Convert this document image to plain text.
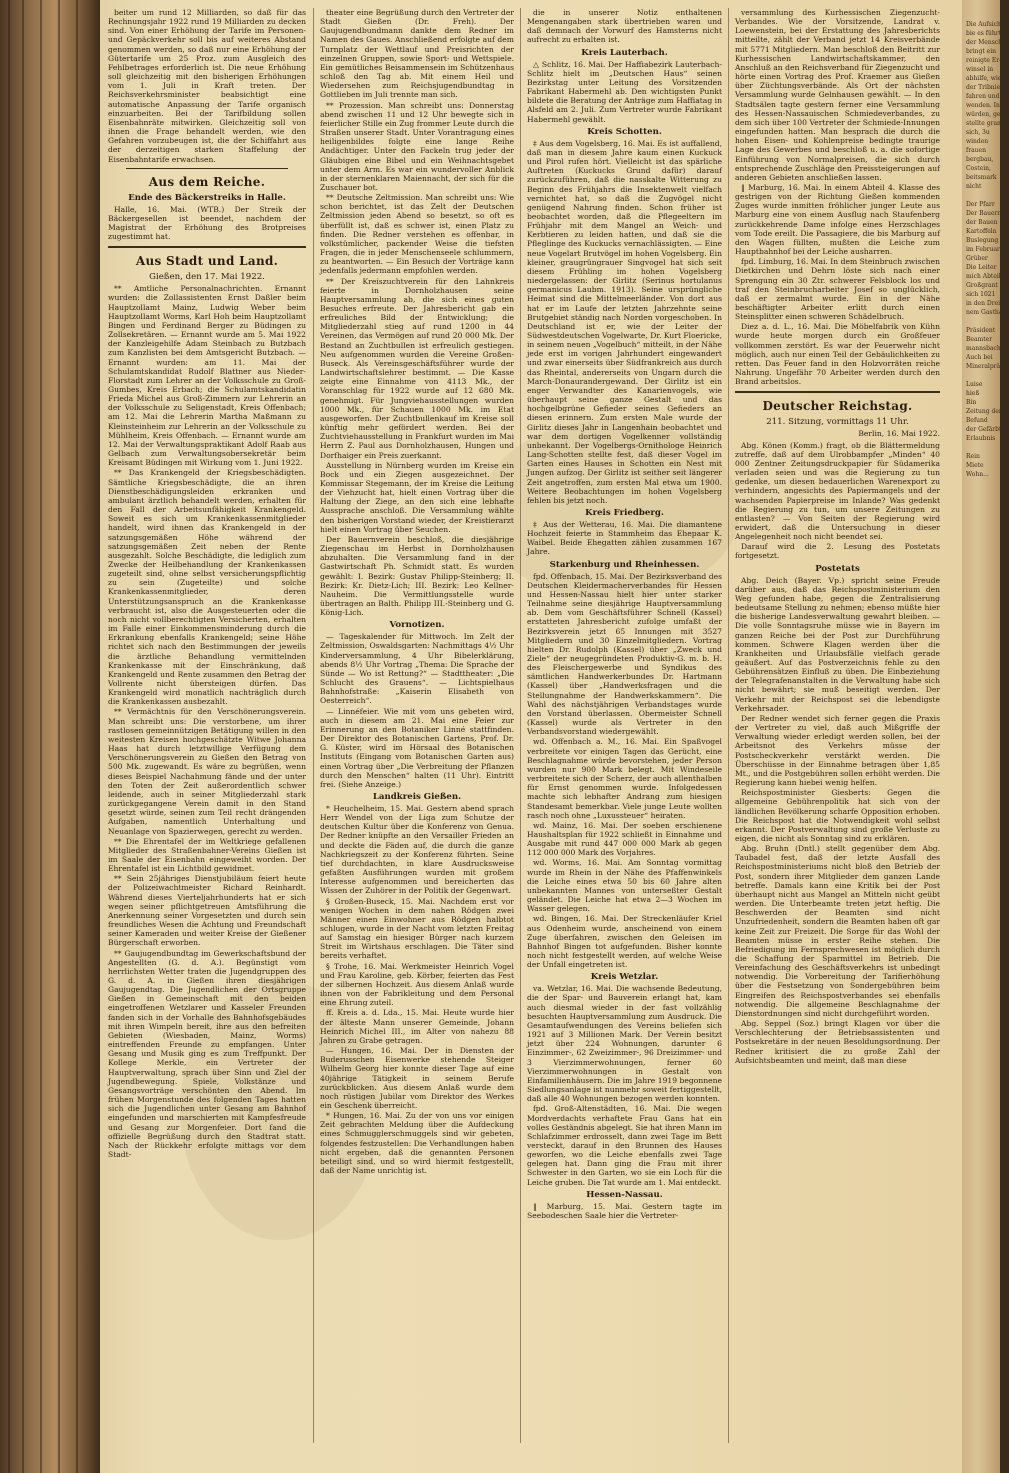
beiter um rund 12 Milliarden, so daß für das Rechnungsjahr 1922 rund 19 Milliarden zu decken sind. Von einer Erhöhung der Tarife im Personen- und Gepäckverkehr soll bis auf weiteres Abstand genommen werden, so daß nur eine Erhöhung der Gütertarife um 25 Proz. zum Ausgleich des Fehlbetrages erforderlich ist. Die neue Erhöhung soll gleichzeitig mit den bisherigen Erhöhungen vom 1. Juli in Kraft treten. Der Reichsverkehrsminister beabsichtigt eine automatische Anpassung der Tarife organisch einzuarbeiten. Bei der Tarifbildung sollen Eisenbahnräte mitwirken. Gleichzeitig soll von ihnen die Frage behandelt werden, wie den Gefahren vorzubeugen ist, die der Schiffahrt aus der derzeitigen starken Staffelung der Eisenbahntarife erwachsen.

Aus dem Reiche.
Ende des Bäckerstreiks in Halle.

Halle, 16. Mai. (WTB.) Der Streik der Bäckergesellen ist beendet, nachdem der Magistrat der Erhöhung des Brotpreises zugestimmt hat.

Aus Stadt und Land.
Gießen, den 17. Mai 1922.

** Amtliche Personalnachrichten. Ernannt wurden: die Zollassistenten Ernst Daßler beim Hauptzollamt Mainz, Ludwig Weber beim Hauptzollamt Worms, Karl Hoh beim Hauptzollamt Bingen und Ferdinand Berger zu Büdingen zu Zollsekretären. — Ernannt wurde am 5. Mai 1922 der Kanzleigehilfe Adam Steinbach zu Butzbach zum Kanzlisten bei dem Amtsgericht Butzbach. — Ernannt wurden: am 11. Mai der Schulamtskandidat Rudolf Blattner aus Nieder-Florstadt zum Lehrer an der Volksschule zu Groß-Gumbes, Kreis Erbach; die Schulamtskandidatin Frieda Michel aus Groß-Zimmern zur Lehrerin an der Volksschule zu Seligenstadt, Kreis Offenbach; am 12. Mai die Lehrerin Martha Maßmann zu Kleinsteinheim zur Lehrerin an der Volksschule zu Mühlheim, Kreis Offenbach. — Ernannt wurde am 12. Mai der Verwaltungspraktikant Adolf Raab aus Gelbach zum Verwaltungsobersekretär beim Kreisamt Büdingen mit Wirkung vom 1. Juni 1922.

** Das Krankengeld der Kriegsbeschädigten. Sämtliche Kriegsbeschädigte, die an ihren Dienstbeschädigungsleiden erkranken und ambulant ärztlich behandelt werden, erhalten für den Fall der Arbeitsunfähigkeit Krankengeld. Soweit es sich um Krankenkassenmitglieder handelt, wird ihnen das Krankengeld in der satzungsgemäßen Höhe während der satzungsgemäßen Zeit neben der Rente ausgezahlt. Solche Beschädigte, die lediglich zum Zwecke der Heilbehandlung der Krankenkassen zugeteilt sind, ohne selbst versicherungspflichtig zu sein (Zugeteilte) und solche Krankenkassenmitglieder, deren Unterstützungsanspruch an die Krankenkasse verbraucht ist, also die Ausgesteuerten oder die noch nicht vollberechtigten Versicherten, erhalten im Falle einer Einkommensminderung durch die Erkrankung ebenfalls Krankengeld; seine Höhe richtet sich nach den Bestimmungen der jeweils die ärztliche Behandlung vermittelnden Krankenkasse mit der Einschränkung, daß Krankengeld und Rente zusammen den Betrag der Vollrente nicht übersteigen dürfen. Das Krankengeld wird monatlich nachträglich durch die Krankenkassen ausbezahlt.

** Vermächtnis für den Verschönerungsverein. Man schreibt uns: Die verstorbene, um ihrer rastlosen gemeinnützigen Betätigung willen in den weitesten Kreisen hochgeschätzte Witwe Johanna Haas hat durch letztwillige Verfügung dem Verschönerungsverein zu Gießen den Betrag von 500 Mk. zugewandt. Es wäre zu begrüßen, wenn dieses Beispiel Nachahmung fände und der unter den Toten der Zeit außerordentlich schwer leidende, auch in seiner Mitgliederzahl stark zurückgegangene Verein damit in den Stand gesetzt würde, seinen zum Teil recht drängenden Aufgaben, namentlich Unterhaltung und Neuanlage von Spazierwegen, gerecht zu werden.

** Die Ehrentafel der im Weltkriege gefallenen Mitglieder des Straßenbahner-Vereins Gießen ist im Saale der Eisenbahn eingeweiht worden. Der Ehrentafel ist ein Lichtbild gewidmet.

** Sein 25jähriges Dienstjubiläum feiert heute der Polizeiwachtmeister Richard Reinhardt. Während dieses Vierteljahrhunderts hat er sich wegen seiner pflichtgetreuen Amtsführung die Anerkennung seiner Vorgesetzten und durch sein freundliches Wesen die Achtung und Freundschaft seiner Kameraden und weiter Kreise der Gießener Bürgerschaft erworben.

** Gaujugendbundtag im Gewerkschaftsbund der Angestellten (G. d. A.). Begünstigt vom herrlichsten Wetter traten die Jugendgruppen des G. d. A. in Gießen ihren diesjährigen Gaujugendtag. Die Jugendlichen der Ortsgruppe Gießen in Gemeinschaft mit den beiden eingetroffenen Wetzlarer und Kasseler Freunden fanden sich in der Vorhalle des Bahnhofsgebäudes mit ihren Wimpeln bereit, ihre aus den befreiten Gebieten (Wiesbaden, Mainz, Worms) eintreffenden Freunde zu empfangen. Unter Gesang und Musik ging es zum Treffpunkt. Der Kollege Merkle, ein Vertreter der Hauptverwaltung, sprach über Sinn und Ziel der Jugendbewegung. Spiele, Volkstänze und Gesangsvorträge verschönten den Abend. Im frühen Morgenstunde des folgenden Tages hatten sich die Jugendlichen unter Gesang am Bahnhof eingefunden und marschierten mit Kampfesfreude und Gesang zur Morgenfeier. Dort fand die offizielle Begrüßung durch den Stadtrat statt. Nach der Rückkehr erfolgte mittags vor dem Stadt-

theater eine Begrüßung durch den Vertreter der Stadt Gießen (Dr. Freh). Der Gaujugendbundmann dankte dem Redner im Namen des Gaues. Anschließend erfolgte auf dem Turnplatz der Wettlauf und Preisrichten der einzelnen Gruppen, sowie Sport- und Wettspiele. Ein gemütliches Beisammensein im Schützenhaus schloß den Tag ab. Mit einem Heil und Wiedersehen zum Reichsjugendbundtag in Gottlieben im Juli trennte man sich.

** Prozession. Man schreibt uns: Donnerstag abend zwischen 11 und 12 Uhr bewegte sich in feierlicher Stille ein Zug frommer Leute durch die Straßen unserer Stadt. Unter Vorantragung eines heiligenbildes folgte eine lange Reihe Andächtiger. Unter den Fackeln trug jeder der Gläubigen eine Bibel und ein Weihnachtsgebet unter dem Arm. Es war ein wundervoller Anblick in der sternenklaren Maiennacht, der sich für die Zuschauer bot.

** Deutsche Zeltmission. Man schreibt uns: Wie schon berichtet, ist das Zelt der Deutschen Zeltmission jeden Abend so besetzt, so oft es überfüllt ist, daß es schwer ist, einen Platz zu finden. Die Redner verstehen es offenbar, in volkstümlicher, packender Weise die tiefsten Fragen, die in jeder Menschenseele schlummern, zu beantworten. — Ein Besuch der Vorträge kann jedenfalls jedermann empfohlen werden.

** Der Kreiszuchtverein für den Lahnkreis feierte in Dornholzhausen seine Hauptversammlung ab, die sich eines guten Besuches erfreute. Der Jahresbericht gab ein erfreuliches Bild der Entwicklung; die Mitgliederzahl stieg auf rund 1200 in 44 Vereinen, das Vermögen auf rund 20 000 Mk. Der Bestand an Zuchtbullen ist erfreulich gestiegen. Neu aufgenommen wurden die Vereine Großen-Buseck. Als Vereinsgeschäftsführer wurde der Landwirtschaftslehrer bestimmt. — Die Kasse zeigte eine Einnahme von 4113 Mk., der Voranschlag für 1922 wurde auf 12 680 Mk. genehmigt. Für Jungviehausstellungen wurden 1000 Mk., für Schauen 1000 Mk. im Etat ausgeworfen. Der Zuchtbullenkauf im Kreise soll künftig mehr gefördert werden. Bei der Zuchtviehausstellung in Frankfurt wurden im Mai Herrn Z. Paul aus Dornholzhausen, Hungen und Dorfhaiger ein Preis zuerkannt.

Ausstellung in Nürnberg wurden im Kreise ein Bock und ein Ziegen ausgezeichnet. Der Kommissar Stegemann, der im Kreise die Leitung der Viehzucht hat, hielt einen Vortrag über die Haltung der Ziege, an den sich eine lebhafte Aussprache anschloß. Die Versammlung wählte den bisherigen Vorstand wieder, der Kreistierarzt hielt einen Vortrag über Seuchen.

Der Bauernverein beschloß, die diesjährige Ziegenschau im Herbst in Dornholzhausen abzuhalten. Die Versammlung fand in der Gastwirtschaft Ph. Schmidt statt. Es wurden gewählt: I. Bezirk: Gustav Philipp-Steinberg; II. Bezirk: Kr. Dietz-Lich; III. Bezirk: Leo Kellner-Nauheim. Die Vermittlungsstelle wurde übertragen an Balth. Philipp III.-Steinberg und G. König-Lich.

Vornotizen.

— Tageskalender für Mittwoch. Im Zelt der Zeltmission, Oswaldsgarten: Nachmittags 4½ Uhr Kinderversammlung, 4 Uhr Bibelerklärung, abends 8½ Uhr Vortrag „Thema: Die Sprache der Sünde — Wo ist Rettung?“ — Stadttheater: „Die Schlucht des Grauens“. — Lichtspielhaus Bahnhofstraße: „Kaiserin Elisabeth von Oesterreich“.

— Linnéfeier. Wie mit vom uns gebeten wird, auch in diesem am 21. Mai eine Feier zur Erinnerung an den Botaniker Linné stattfinden. Der Direktor des Botanischen Gartens, Prof. Dr. G. Küster, wird im Hörsaal des Botanischen Instituts (Eingang vom Botanischen Garten aus) einen Vortrag über „Die Verbreitung der Pflanzen durch den Menschen“ halten (11 Uhr). Eintritt frei. (Siehe Anzeige.)

Landkreis Gießen.

* Heuchelheim, 15. Mai. Gestern abend sprach Herr Wendel von der Liga zum Schutze der deutschen Kultur über die Konferenz von Genua. Der Redner knüpfte an den Versailler Frieden an und deckte die Fäden auf, die durch die ganze Nachkriegszeit zu der Konferenz führten. Seine tief durchdachten, in klare Ausdrucksweise gefaßten Ausführungen wurden mit großem Interesse aufgenommen und bereicherten das Wissen der Zuhörer in der Politik der Gegenwart.

§ Großen-Buseck, 15. Mai. Nachdem erst vor wenigen Wochen in dem nahen Rödgen zwei Männer einen Einwohner aus Rödgen halbtot schlugen, wurde in der Nacht vom letzten Freitag auf Samstag ein hiesiger Bürger nach kurzem Streit im Wirtshaus erschlagen. Die Täter sind bereits verhaftet.

§ Trohe, 16. Mai. Werkmeister Heinrich Vogel und Frau Karoline, geb. Körber, feierten das Fest der silbernen Hochzeit. Aus diesem Anlaß wurde ihnen von der Fabrikleitung und dem Personal eine Ehrung zuteil.

ff. Kreis a. d. Lda., 15. Mai. Heute wurde hier der älteste Mann unserer Gemeinde, Johann Heinrich Michel III., im Alter von nahezu 88 Jahren zu Grabe getragen.

— Hungen, 16. Mai. Der in Diensten der Buderusschen Eisenwerke stehende Steiger Wilhelm Georg hier konnte dieser Tage auf eine 40jährige Tätigkeit in seinem Berufe zurückblicken. Aus diesem Anlaß wurde dem noch rüstigen Jubilar vom Direktor des Werkes ein Geschenk überreicht.

* Hungen, 16. Mai. Zu der von uns vor einigen Zeit gebrachten Meldung über die Aufdeckung eines Schmugglerschmuggels sind wir gebeten, folgendes festzustellen: Die Verhandlungen haben nicht ergeben, daß die genannten Personen beteiligt sind, und so wird hiermit festgestellt, daß der Name unrichtig ist.

die in unserer Notiz enthaltenen Mengenangaben stark übertrieben waren und daß demnach der Vorwurf des Hamsterns nicht aufrecht zu erhalten ist.

Kreis Lauterbach.

△ Schlitz, 16. Mai. Der Haffiabezirk Lauterbach-Schlitz hielt im „Deutschen Haus“ seinen Bezirkstag unter Leitung des Vorsitzenden Fabrikant Habermehl ab. Den wichtigsten Punkt bildete die Beratung der Anträge zum Haffiatag in Alsfeld am 2. Juli. Zum Vertreter wurde Fabrikant Habermehl gewählt.

Kreis Schotten.

‡ Aus dem Vogelsberg, 16. Mai. Es ist auffallend, daß man in diesem Jahre kaum einen Kuckuck und Pirol rufen hört. Vielleicht ist das spärliche Auftreten (Kuckucks Grund dafür) darauf zurückzuführen, daß die nasskalte Witterung zu Beginn des Frühjahrs die Insektenwelt vielfach vernichtet hat, so daß die Zugvögel nicht genügend Nahrung finden. Schon früher ist beobachtet worden, daß die Pflegeeltern im Frühjahr mit dem Mangel an Weich- und Kerbtieren zu leiden hatten, und daß sie die Pfleglinge des Kuckucks vernachlässigten. — Eine neue Vogelart Brutvögel im hohen Vogelsberg. Ein kleiner, graugrüngrauer Singvogel hat sich seit diesem Frühling im hohen Vogelsberg niedergelassen: der Girlitz (Serinus hortulanus germanicus Laubm. 1913). Seine ursprüngliche Heimat sind die Mittelmeerländer. Von dort aus hat er im Laufe der letzten Jahrzehnte seine Brutgebiet ständig nach Norden vorgeschoben. In Deutschland ist er, wie der Leiter der Südwestdeutschen Vogelwarte, Dr. Kurt Floericke, in seinem neuen „Vogelbuch“ mitteilt, in der Nähe jede erst im vorigen Jahrhundert eingewandert und zwar einerseits über Südfrankreich aus durch das Rheintal, andererseits von Ungarn durch die March-Donaurandergewand. Der Girlitz ist ein enger Verwandter des Kanarienvogels, wie überhaupt seine ganze Gestalt und das hochgelbgrüne Gefieder seines Gefieders an diesen erinnern. Zum ersten Male wurde der Girlitz dieses Jahr in Langenhain beobachtet und war dem dortigen Vogelkenner vollständig unbekannt. Der Vogelbergs-Ornithologe Heinrich Lang-Schotten stellte fest, daß dieser Vogel im Garten eines Hauses in Schotten ein Nest mit Jungen aufzog. Der Girlitz ist seither seit längerer Zeit angetroffen, zum ersten Mal etwa um 1900. Weitere Beobachtungen im hohen Vogelsberg fehlen bis jetzt noch.

Kreis Friedberg.

‡ Aus der Wetterau, 16. Mai. Die diamantene Hochzeit feierte in Stammheim das Ehepaar K. Waibel. Beide Ehegatten zählen zusammen 167 Jahre.

Starkenburg und Rheinhessen.

fpd. Offenbach, 15. Mai. Der Bezirksverband des Deutschen Kleidermacherverbandes für Hessen und Hessen-Nassau hielt hier unter starker Teilnahme seine diesjährige Hauptversammlung ab. Dem vom Geschäftsführer Schnell (Kassel) erstatteten Jahresbericht zufolge umfaßt der Bezirksverein jetzt 65 Innungen mit 3527 Mitgliedern und 30 Einzelmitgliedern. Vortrag hielten Dr. Rudolph (Kassel) über „Zweck und Ziele“ der neugegründeten Produktiv-G. m. b. H. des Fleischergewerbe und Syndikus des sämtlichen Handwerkerbundes Dr. Hartmann (Kassel) über „Handwerksfragen und die Stellungnahme der Handwerkskammern“. Die Wahl des nächstjährigen Verbandstages wurde den Vorstand überlassen. Obermeister Schnell (Kassel) wurde als Vertreter in den Verbandsvorstand wiedergewählt.

wd. Offenbach a. M., 16. Mai. Ein Spaßvogel verbreitete vor einigen Tagen das Gerücht, eine Beschlagnahme würde bevorstehen, jeder Person wurden nur 900 Mark belegt. Mit Windeseile verbreitete sich der Scherz, der auch allenthalben für Ernst genommen wurde. Infolgedessen machte sich lebhafter Andrang zum hiesigen Standesamt bemerkbar. Viele junge Leute wollten rasch noch ohne „Luxussteuer“ heiraten.

wd. Mainz, 16. Mai. Der soeben erschienene Haushaltsplan für 1922 schließt in Einnahme und Ausgabe mit rund 447 000 000 Mark ab gegen 112 000 000 Mark des Vorjahres.

wd. Worms, 16. Mai. Am Sonntag vormittag wurde im Rhein in der Nähe des Pfaffenwinkels die Leiche eines etwa 50 bis 60 Jahre alten unbekannten Mannes von unterseßter Gestalt geländet. Die Leiche hat etwa 2—3 Wochen im Wasser gelegen.

wd. Bingen, 16. Mai. Der Streckenläufer Kriel aus Odenheim wurde, anscheinend von einem Zuge überfahren, zwischen den Geleisen im Bahnhof Bingen tot aufgefunden. Bisher konnte noch nicht festgestellt werden, auf welche Weise der Unfall eingetreten ist.

Kreis Wetzlar.

va. Wetzlar, 16. Mai. Die wachsende Bedeutung, die der Spar- und Bauverein erlangt hat, kam auch diesmal wieder in der fast vollzählig besuchten Hauptversammlung zum Ausdruck. Die Gesamtaufwendungen des Vereins beliefen sich 1921 auf 3 Millionen Mark. Der Verein besitzt jetzt über 224 Wohnungen, darunter 6 Einzimmer-, 62 Zweizimmer-, 96 Dreizimmer- und 3 Vierzimmerwohnungen, ferner 60 Vierzimmerwohnungen in Gestalt von Einfamilienhäusern. Die im Jahre 1919 begonnene Siedlungsanlage ist nunmehr soweit fertiggestellt, daß alle 40 Wohnungen bezogen werden konnten.

fpd. Groß-Altenstädten, 16. Mai. Die wegen Mordverdachts verhaftete Frau Gans hat ein volles Geständnis abgelegt. Sie hat ihren Mann im Schlafzimmer erdrosselt, dann zwei Tage im Bett versteckt, darauf in den Brunnen des Hauses geworfen, wo die Leiche ebenfalls zwei Tage gelegen hat. Dann ging die Frau mit ihrer Schwester in den Garten, wo sie ein Loch für die Leiche gruben. Die Tat wurde am 1. Mai entdeckt.

Hessen-Nassau.

‖ Marburg, 15. Mai. Gestern tagte im Seebodeschen Saale hier die Vertreter-

versammlung des Kurhessischen Ziegenzucht-Verbandes. Wie der Vorsitzende, Landrat v. Loewenstein, bei der Erstattung des Jahresberichts mitteilte, zählt der Verband jetzt 14 Kreisverbände mit 5771 Mitgliedern. Man beschloß den Beitritt zur Kurhessischen Landwirtschaftskammer, den Anschluß an den Reichsverband für Ziegenzucht und hörte einen Vortrag des Prof. Kraemer aus Gießen über Züchtungsverbände. Als Ort der nächsten Versammlung wurde Gelnhausen gewählt. — In den Stadtsälen tagte gestern ferner eine Versammlung des Hessen-Nassauischen Schmiedeverbandes, zu dem sich über 100 Vertreter der Schmiede-Innungen eingefunden hatten. Man besprach die durch die hohen Eisen- und Kohlenpreise bedingte traurige Lage des Gewerbes und beschloß u. a. die sofortige Einführung von Normalpreisen, die sich durch entsprechende Zuschläge den Preissteigerungen auf anderen Gebieten anschließen lassen.

‖ Marburg, 16. Mai. In einem Abteil 4. Klasse des gestrigen von der Richtung Gießen kommenden Zuges wurde inmitten fröhlicher junger Leute aus Marburg eine von einem Ausflug nach Staufenberg zurückkehrende Dame infolge eines Herzschlages vom Tode ereilt. Die Passagiere, die bis Marburg auf den Wagen füllten, mußten die Leiche zum Hauptbahnhof bei der Leiche ausharren.

fpd. Limburg, 16. Mai. In dem Steinbruch zwischen Dietkirchen und Dehrn löste sich nach einer Sprengung ein 30 Ztr. schwerer Felsblock los und traf den Steinbrucharbeiter Josef so unglücklich, daß er zermalmt wurde. Ein in der Nähe beschäftigter Arbeiter erlitt durch einen Steinsplitter einen schweren Schädelbruch.

Diez a. d. L., 16. Mai. Die Möbelfabrik von Kühn wurde heute morgen durch ein Großfeuer vollkommen zerstört. Es war der Feuerwehr nicht möglich, auch nur einen Teil der Gebäulichkeiten zu retten. Das Feuer fand in den Holzvorräten reiche Nahrung. Ungefähr 70 Arbeiter werden durch den Brand arbeitslos.

Deutscher Reichstag.
211. Sitzung, vormittags 11 Uhr.
Berlin, 16. Mai 1922.

Abg. Könen (Komm.) fragt, ob die Blättermeldung zutreffe, daß auf dem Ulrobbampfer „Minden“ 40 000 Zentner Zeitungsdruckpapier für Südamerika verladen seien und was die Regierung zu tun gedenke, um diesen bedauerlichen Warenexport zu verhindern, angesichts des Papiermangels und der wachsenden Papierpreise im Inlande? Was gedenkt die Regierung zu tun, um unsere Zeitungen zu entlasten? — Von Seiten der Regierung wird erwidert, daß die Untersuchung in dieser Angelegenheit noch nicht beendet sei.

Darauf wird die 2. Lesung des Postetats fortgesetzt.

Postetats

Abg. Deich (Bayer. Vp.) spricht seine Freude darüber aus, daß das Reichspostministerium den Weg gefunden habe, gegen die Zentralisierung bedeutsame Stellung zu nehmen; ebenso müßte hier die bisherige Landesverwaltung gewahrt bleiben. — Die volle Sonntagsruhe müsse wie in Bayern im ganzen Reiche bei der Post zur Durchführung kommen. Schwere Klagen werden über die Krankheiten und Urlaubsfälle vielfach gerade geäußert. Auf das Postverzeichnis fehle zu den Gebührensätzen Einfluß zu üben. Die Einbeziehung der Telegrafenanstalten in die Verwaltung habe sich nicht bewährt; sie muß beseitigt werden. Der Verkehr mit der Reichspost sei die lebendigste Verkehrsader.

Der Redner wendet sich ferner gegen die Praxis der Vertreter zu viel, daß auch Mißgriffe der Verwaltung wieder erledigt werden sollen, bei der Arbeitsnot des Verkehrs müsse der Postscheckverkehr verstärkt werden. Die Überschüsse in der Einnahme betragen über 1,85 Mt., und die Postgebühren sollen erhöht werden. Die Regierung kann hiebei wenig helfen.

Reichspostminister Giesberts: Gegen die allgemeine Gebührenpolitik hat sich von der ländlichen Bevölkerung scharfe Opposition erhoben. Die Reichspost hat die Notwendigkeit wohl selbst erkannt. Der Postverwaltung sind große Verluste zu eigen, die nicht als Sonntag sind zu erklären.

Abg. Bruhn (Dntl.) stellt gegenüber dem Abg. Taubadel fest, daß der letzte Ausfall des Reichspostministeriums nicht bloß den Betrieb der Post, sondern ihrer Mitglieder dem ganzen Lande betreffe. Damals kann eine Kritik bei der Post überhaupt nicht aus Mangel an Mitteln nicht geübt werden. Die Unterbeamte treten jetzt heftig. Die Beschwerden der Beamten sind nicht Unzufriedenheit, sondern die Beamten haben oft gar keine Zeit zur Freizeit. Die Sorge für das Wohl der Beamten müsse in erster Reihe stehen. Die Befriedigung im Fernsprechwesen ist möglich durch die Schaffung der Sparmittel im Betrieb. Die Vereinfachung des Geschäftsverkehrs ist unbedingt notwendig. Die Vorbereitung der Tarifierhöhung über die Festsetzung von Sondergebühren beim Eingreifen des Reichspostverbandes sei ebenfalls notwendig. Die allgemeine Beschlagnahme der Dienstordnungen sind nicht durchgeführt worden.

Abg. Seppel (Soz.) bringt Klagen vor über die Verschlechterung der Betriebsassistenten und Postsekretäre in der neuen Besoldungsordnung. Der Redner kritisiert die zu große Zahl der Aufsichtsbeamten und meint, daß man diese

Die Aufsicht
bie es führt
der Menschen
bringt ein
reinigte Er-
winsel in
abhilfe, wie
der Tribnien
fahren und
wenden. In
würden, ge-
stellte grant
sich, 3u
winden
frauen
bergbau,
Costein,
beitsmark
nicht

Der Pfarr
Der Bauern
der Bauen
Kartoffeln
Buslegung
im Februar
Grüber
Die Leiter
mich Abteil
Großgrant
sich 1021
in den Drei
nem Gastha

Präsident
Beamter
mannsbach
Auch bei
Mineralpräs

Luise
hieß
Bin
Zeitung der
Befund
der Gefärbt
Erlaubnis

Rein
Miete
Wohn...
